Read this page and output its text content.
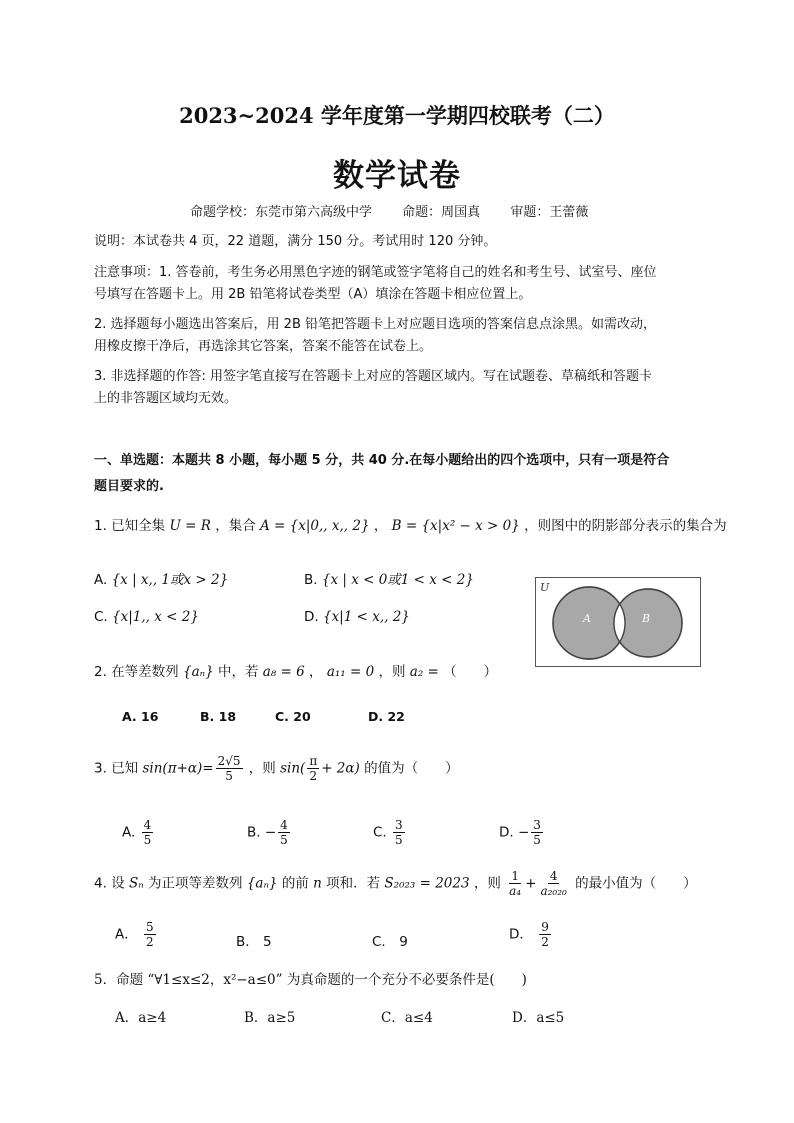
2023~2024 学年度第一学期四校联考（二）
数学试卷
命题学校：东莞市第六高级中学 命题：周国真 审题：王蕾薇
说明：本试卷共 4 页，22 道题，满分 150 分。考试用时 120 分钟。
注意事项：1. 答卷前，考生务必用黑色字迹的钢笔或签字笔将自己的姓名和考生号、试室号、座位
号填写在答题卡上。用 2B 铅笔将试卷类型（A）填涂在答题卡相应位置上。
2. 选择题每小题选出答案后，用 2B 铅笔把答题卡上对应题目选项的答案信息点涂黑。如需改动，
用橡皮擦干净后，再选涂其它答案，答案不能答在试卷上。
3. 非选择题的作答: 用签字笔直接写在答题卡上对应的答题区域内。写在试题卷、草稿纸和答题卡
上的非答题区域均无效。
一、单选题：本题共 8 小题，每小题 5 分，共 40 分.在每小题给出的四个选项中，只有一项是符合
题目要求的.
1. 已知全集 U = R ，集合 A = {x|0,, x,, 2} ， B = {x|x² − x > 0} ，则图中的阴影部分表示的集合为
A. {x | x,, 1或x > 2}	B. {x | x < 0或1 < x < 2}
C. {x|1,, x < 2}	D. {x|1 < x,, 2}
U
A	B
2. 在等差数列 {aₙ} 中，若 a₈ = 6 ， a₁₁ = 0 ，则 a₂ = （　　）
A. 16	B. 18	C. 20	D. 22
3. 已知 $\sin(\pi+\alpha)= \frac{2√5}{5}$ ，则 $\sin( \frac{\pi}{2} + 2\alpha)$ 的值为（　　）
A. $\frac{4}{5}$	B. − $\frac{4}{5}$	C. $\frac{3}{5}$	D. − $\frac{3}{5}$
4. 设 Sₙ 为正项等差数列 {aₙ} 的前 n 项和．若 S₂₀₂₃ = 2023 ，则 $\frac{1}{\text{a₄}} + \frac{4}{\text{a₂₀₂₀}}$ 的最小值为（　　）
A． $\frac{5}{2}$	B． 5	C． 9	D． $\frac{9}{2}$
5．命题 “∀1≤x≤2，x²−a≤0” 为真命题的一个充分不必要条件是(　　)
A．a≥4	B．a≥5	C．a≤4	D．a≤5
